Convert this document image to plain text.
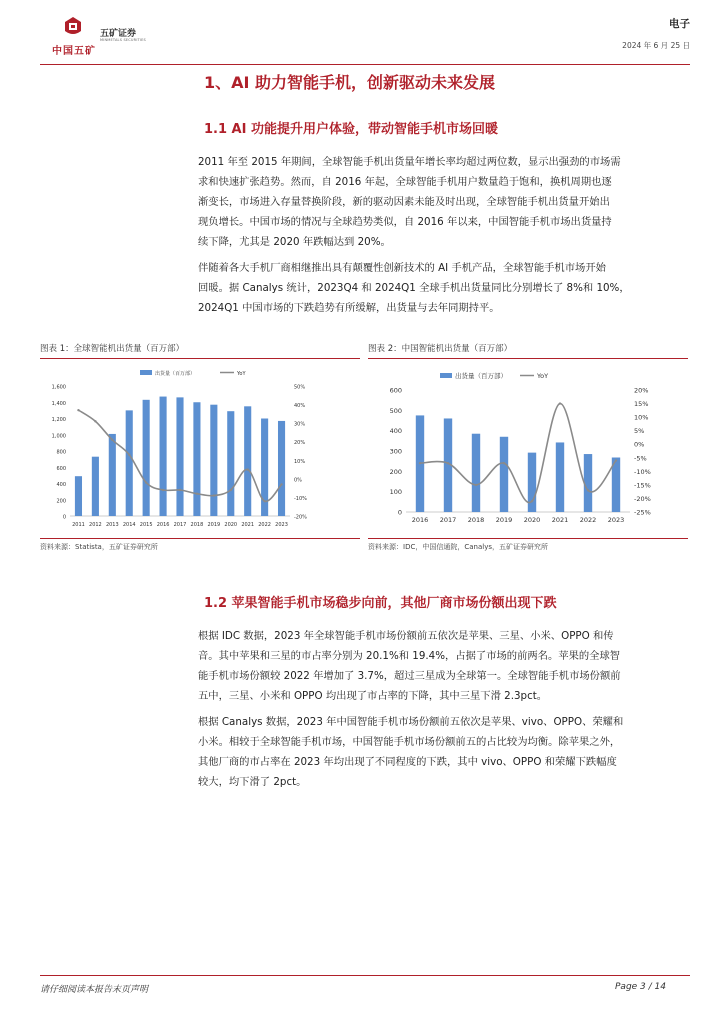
中国五矿
五矿证券
MINMETALS SECURITIES
电子
2024 年 6 月 25 日
1、AI 助力智能手机，创新驱动未来发展
1.1 AI 功能提升用户体验，带动智能手机市场回暖
2011 年至 2015 年期间，全球智能手机出货量年增长率均超过两位数，显示出强劲的市场需
求和快速扩张趋势。然而，自 2016 年起，全球智能手机用户数量趋于饱和，换机周期也逐
渐变长，市场进入存量替换阶段，新的驱动因素未能及时出现，全球智能手机出货量开始出
现负增长。中国市场的情况与全球趋势类似，自 2016 年以来，中国智能手机市场出货量持
续下降，尤其是 2020 年跌幅达到 20%。
伴随着各大手机厂商相继推出具有颠覆性创新技术的 AI 手机产品，全球智能手机市场开始
回暖。据 Canalys 统计，2023Q4 和 2024Q1 全球手机出货量同比分别增长了 8%和 10%，
2024Q1 中国市场的下跌趋势有所缓解，出货量与去年同期持平。
图表 1：全球智能机出货量（百万部）
出货量（百万部）	YoY
0
200
400
600
800
1,000
1,200
1,400
1,600
-20%
-10%
0%
10%
20%
30%
40%
50%
2011 2012 2013 2014 2015 2016 2017 2018 2019 2020 2021 2022 2023
资料来源：Statista，五矿证券研究所
图表 2：中国智能机出货量（百万部）
出货量（百万部）	YoY
0
100
200
300
400
500
600
-25%
-20%
-15%
-10%
-5%
0%
5%
10%
15%
20%
2016 2017 2018 2019 2020 2021 2022 2023
资料来源：IDC，中国信通院，Canalys，五矿证券研究所
1.2 苹果智能手机市场稳步向前，其他厂商市场份额出现下跌
根据 IDC 数据，2023 年全球智能手机市场份额前五依次是苹果、三星、小米、OPPO 和传
音。其中苹果和三星的市占率分别为 20.1%和 19.4%，占据了市场的前两名。苹果的全球智
能手机市场份额较 2022 年增加了 3.7%，超过三星成为全球第一。全球智能手机市场份额前
五中，三星、小米和 OPPO 均出现了市占率的下降，其中三星下滑 2.3pct。
根据 Canalys 数据，2023 年中国智能手机市场份额前五依次是苹果、vivo、OPPO、荣耀和
小米。相较于全球智能手机市场，中国智能手机市场份额前五的占比较为均衡。除苹果之外，
其他厂商的市占率在 2023 年均出现了不同程度的下跌，其中 vivo、OPPO 和荣耀下跌幅度
较大，均下滑了 2pct。
请仔细阅读本报告末页声明	Page 3 / 14
